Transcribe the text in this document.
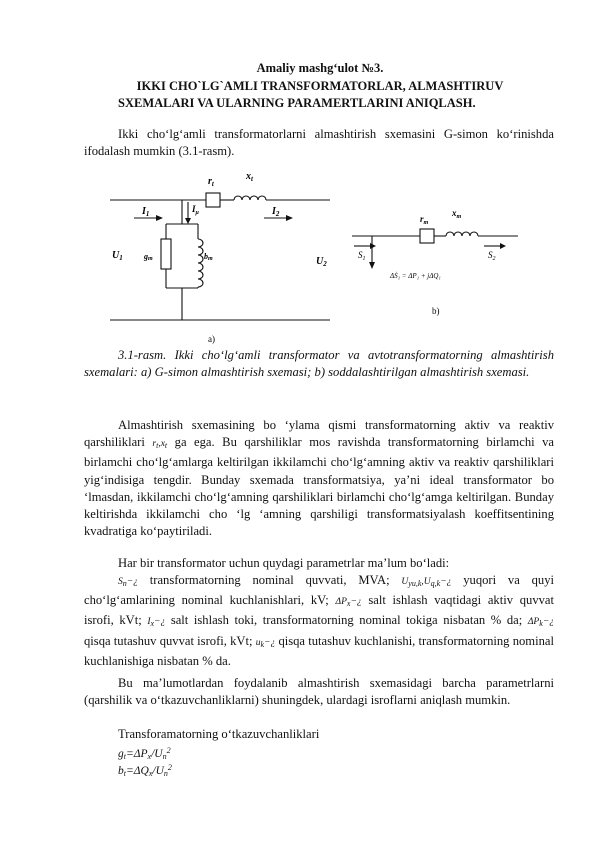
Amaliy mashg‘ulot №3.
IKKI CHO`LG`AMLI TRANSFORMATORLAR, ALMASHTIRUV
SXEMALARI VA ULARNING PARAMERTLARINI ANIQLASH.

Ikki cho‘lg‘amli transformatorlarni almashtirish sxemasini G-simon ko‘rinishda ifodalash mumkin (3.1-rasm).

$r_t$
$x_t$
$I_1$	$I_2$
$I_\mu$
$U_1$	$U_2$
gm	bm
a)
$r_m$
$x_m$
$S_1$	$S_2$
ΔṠ₁ = ΔP₁ + jΔQ₁
b)

3.1-rasm. Ikki cho‘lg‘amli transformator va avtotransformatorning almashtirish sxemalari: a) G-simon almashtirish sxemasi; b) soddalashtirilgan almashtirish sxemasi.

Almashtirish sxemasining bo ‘ylama qismi transformatorning aktiv va reaktiv qarshiliklari $r_t,x_t$ ga ega. Bu qarshiliklar mos ravishda transformatorning birlamchi va birlamchi cho‘lg‘amlarga keltirilgan ikkilamchi cho‘lg‘amning aktiv va reaktiv qarshiliklari yig‘indisiga tengdir. Bunday sxemada transformatsiya, ya’ni ideal transformator bo ‘lmasdan, ikkilamchi cho‘lg‘amning qarshiliklari birlamchi cho‘lg‘amga keltirilgan. Bunday keltirishda ikkilamchi cho ‘lg ‘amning qarshiligi transformatsiyalash koeffitsentining kvadratiga ko‘paytiriladi.

Har bir transformator uchun quydagi parametrlar ma’lum bo‘ladi:

$S_n-¿$ transformatorning nominal quvvati, MVA; $U_{yu,k},U_{q,k}-¿$ yuqori va quyi cho‘lg‘amlarining nominal kuchlanishlari, kV; $\Delta P_x-¿$ salt ishlash vaqtidagi aktiv quvvat isrofi, kVt; $I_x-¿$ salt ishlash toki, transformatorning nominal tokiga nisbatan % da; $\Delta P_k-¿$ qisqa tutashuv quvvat isrofi, kVt; $u_k-¿$ qisqa tutashuv kuchlanishi, transformatorning nominal kuchlanishiga nisbatan % da.

Bu ma’lumotlardan foydalanib almashtirish sxemasidagi barcha parametrlarni (qarshilik va o‘tkazuvchanliklarni) shuningdek, ulardagi isroflarni aniqlash mumkin.

Transforamatorning o‘tkazuvchanliklari

$g_t=\Delta P_x/U_n^2$
$b_t=\Delta Q_x/U_n^2$
